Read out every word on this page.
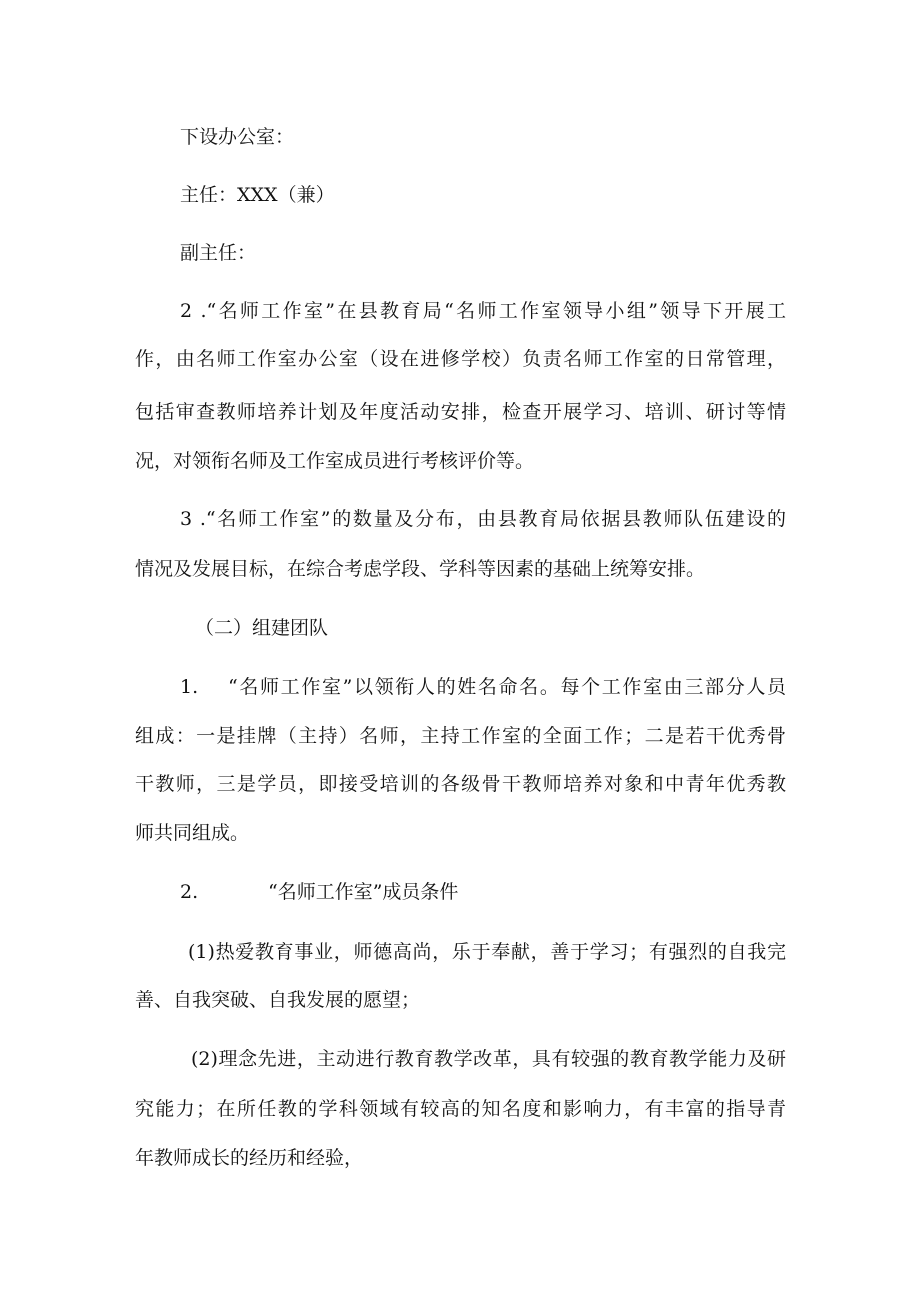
下设办公室：
主任：XXX（兼）
副主任：
2 .“名师工作室”在县教育局“名师工作室领导小组”领导下开展工
作，由名师工作室办公室（设在进修学校）负责名师工作室的日常管理，
包括审查教师培养计划及年度活动安排，检查开展学习、培训、研讨等情
况，对领衔名师及工作室成员进行考核评价等。
3 .“名师工作室”的数量及分布，由县教育局依据县教师队伍建设的
情况及发展目标，在综合考虑学段、学科等因素的基础上统筹安排。
（二）组建团队
1. “名师工作室”以领衔人的姓名命名。每个工作室由三部分人员
组成：一是挂牌（主持）名师，主持工作室的全面工作；二是若干优秀骨
干教师，三是学员，即接受培训的各级骨干教师培养对象和中青年优秀教
师共同组成。
2.	“名师工作室”成员条件
(1)热爱教育事业，师德高尚，乐于奉献，善于学习；有强烈的自我完
善、自我突破、自我发展的愿望；
(2)理念先进，主动进行教育教学改革，具有较强的教育教学能力及研
究能力；在所任教的学科领域有较高的知名度和影响力，有丰富的指导青
年教师成长的经历和经验，
